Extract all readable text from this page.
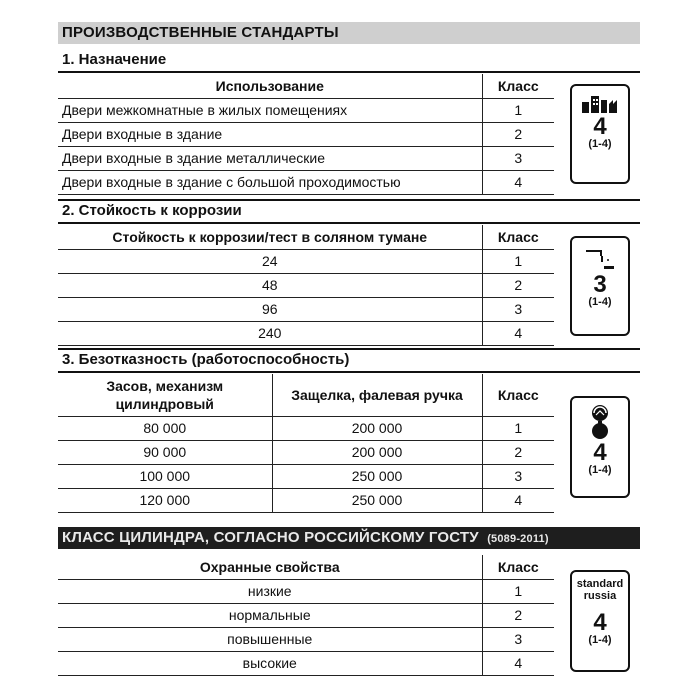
ПРОИЗВОДСТВЕННЫЕ СТАНДАРТЫ
1. Назначение
Использование	Класс
Двери межкомнатные в жилых помещениях	1
Двери входные в здание	2
Двери входные в здание металлические	3
Двери входные в здание с большой проходимостью	4
4
(1-4)
2. Стойкость к коррозии
Стойкость к коррозии/тест в соляном тумане	Класс
24	1
48	2
96	3
240	4
3
(1-4)
3. Безотказность (работоспособность)
Засов, механизм цилиндровый	Защелка, фалевая ручка	Класс
80 000	200 000	1
90 000	200 000	2
100 000	250 000	3
120 000	250 000	4
4
(1-4)
КЛАСС ЦИЛИНДРА, СОГЛАСНО РОССИЙСКОМУ ГОСТУ (5089-2011)
Охранные свойства	Класс
низкие	1
нормальные	2
повышенные	3
высокие	4
standard
russia
4
(1-4)
